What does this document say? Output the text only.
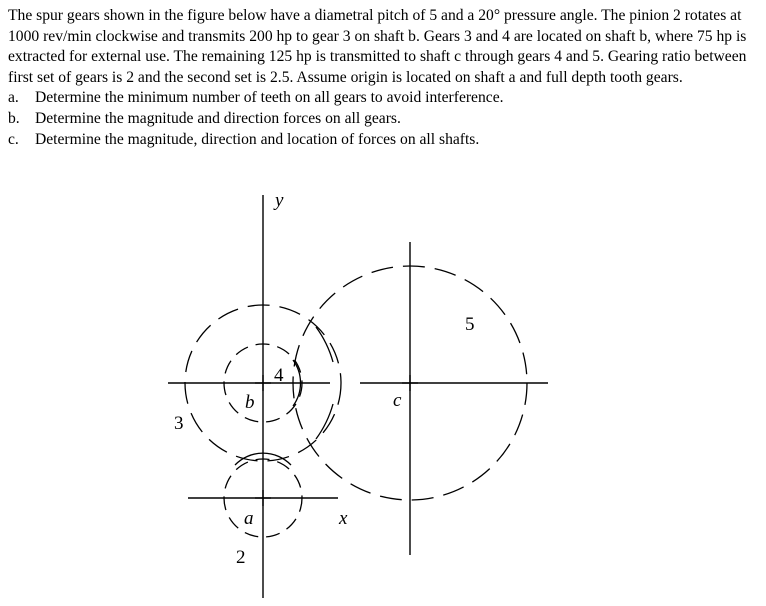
The spur gears shown in the figure below have a diametral pitch of 5 and a 20° pressure angle. The pinion 2 rotates at 1000 rev/min clockwise and transmits 200 hp to gear 3 on shaft b. Gears 3 and 4 are located on shaft b, where 75 hp is extracted for external use. The remaining 125 hp is transmitted to shaft c through gears 4 and 5. Gearing ratio between first set of gears is 2 and the second set is 2.5. Assume origin is located on shaft a and full depth tooth gears.

a. Determine the minimum number of teeth on all gears to avoid interference.
b. Determine the magnitude and direction forces on all gears.
c. Determine the magnitude, direction and location of forces on all shafts.
y
x
a
b	c
2
3
4
5
